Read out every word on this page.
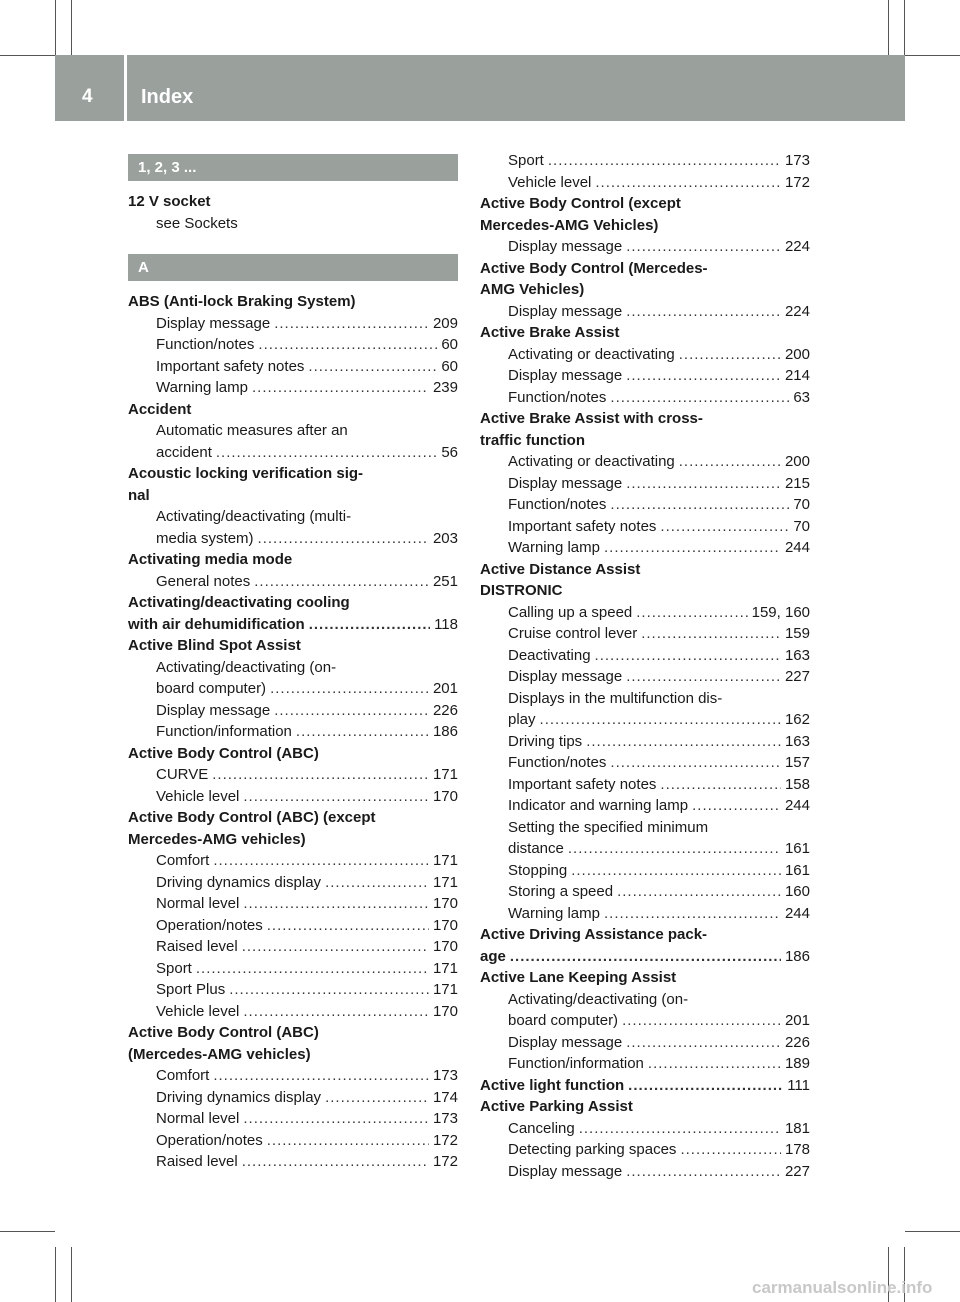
4 Index
1, 2, 3 ...
12 V socket
see Sockets
A
ABS (Anti-lock Braking System)
Display message .....	209
Function/notes .....	60
Important safety notes .....	60
Warning lamp .....	239
Accident
Automatic measures after an
accident .....	56
Acoustic locking verification sig-
nal
Activating/deactivating (multi-
media system) .....	203
Activating media mode
General notes .....	251
Activating/deactivating cooling
with air dehumidification .....	118
Active Blind Spot Assist
Activating/deactivating (on-
board computer) .....	201
Display message .....	226
Function/information .....	186
Active Body Control (ABC)
CURVE .....	171
Vehicle level .....	170
Active Body Control (ABC) (except
Mercedes-AMG vehicles)
Comfort .....	171
Driving dynamics display .....	171
Normal level .....	170
Operation/notes .....	170
Raised level .....	170
Sport .....	171
Sport Plus .....	171
Vehicle level .....	170
Active Body Control (ABC)
(Mercedes-AMG vehicles)
Comfort .....	173
Driving dynamics display .....	174
Normal level .....	173
Operation/notes .....	172
Raised level .....	172
Sport .....	173
Vehicle level .....	172
Active Body Control (except
Mercedes-AMG Vehicles)
Display message .....	224
Active Body Control (Mercedes-
AMG Vehicles)
Display message .....	224
Active Brake Assist
Activating or deactivating .....	200
Display message .....	214
Function/notes .....	63
Active Brake Assist with cross-
traffic function
Activating or deactivating .....	200
Display message .....	215
Function/notes .....	70
Important safety notes .....	70
Warning lamp .....	244
Active Distance Assist
DISTRONIC
Calling up a speed .....	159, 160
Cruise control lever .....	159
Deactivating .....	163
Display message .....	227
Displays in the multifunction dis-
play .....	162
Driving tips .....	163
Function/notes .....	157
Important safety notes .....	158
Indicator and warning lamp .....	244
Setting the specified minimum
distance .....	161
Stopping .....	161
Storing a speed .....	160
Warning lamp .....	244
Active Driving Assistance pack-
age .....	186
Active Lane Keeping Assist
Activating/deactivating (on-
board computer) .....	201
Display message .....	226
Function/information .....	189
Active light function .....	111
Active Parking Assist
Canceling .....	181
Detecting parking spaces .....	178
Display message .....	227
carmanualsonline.info
